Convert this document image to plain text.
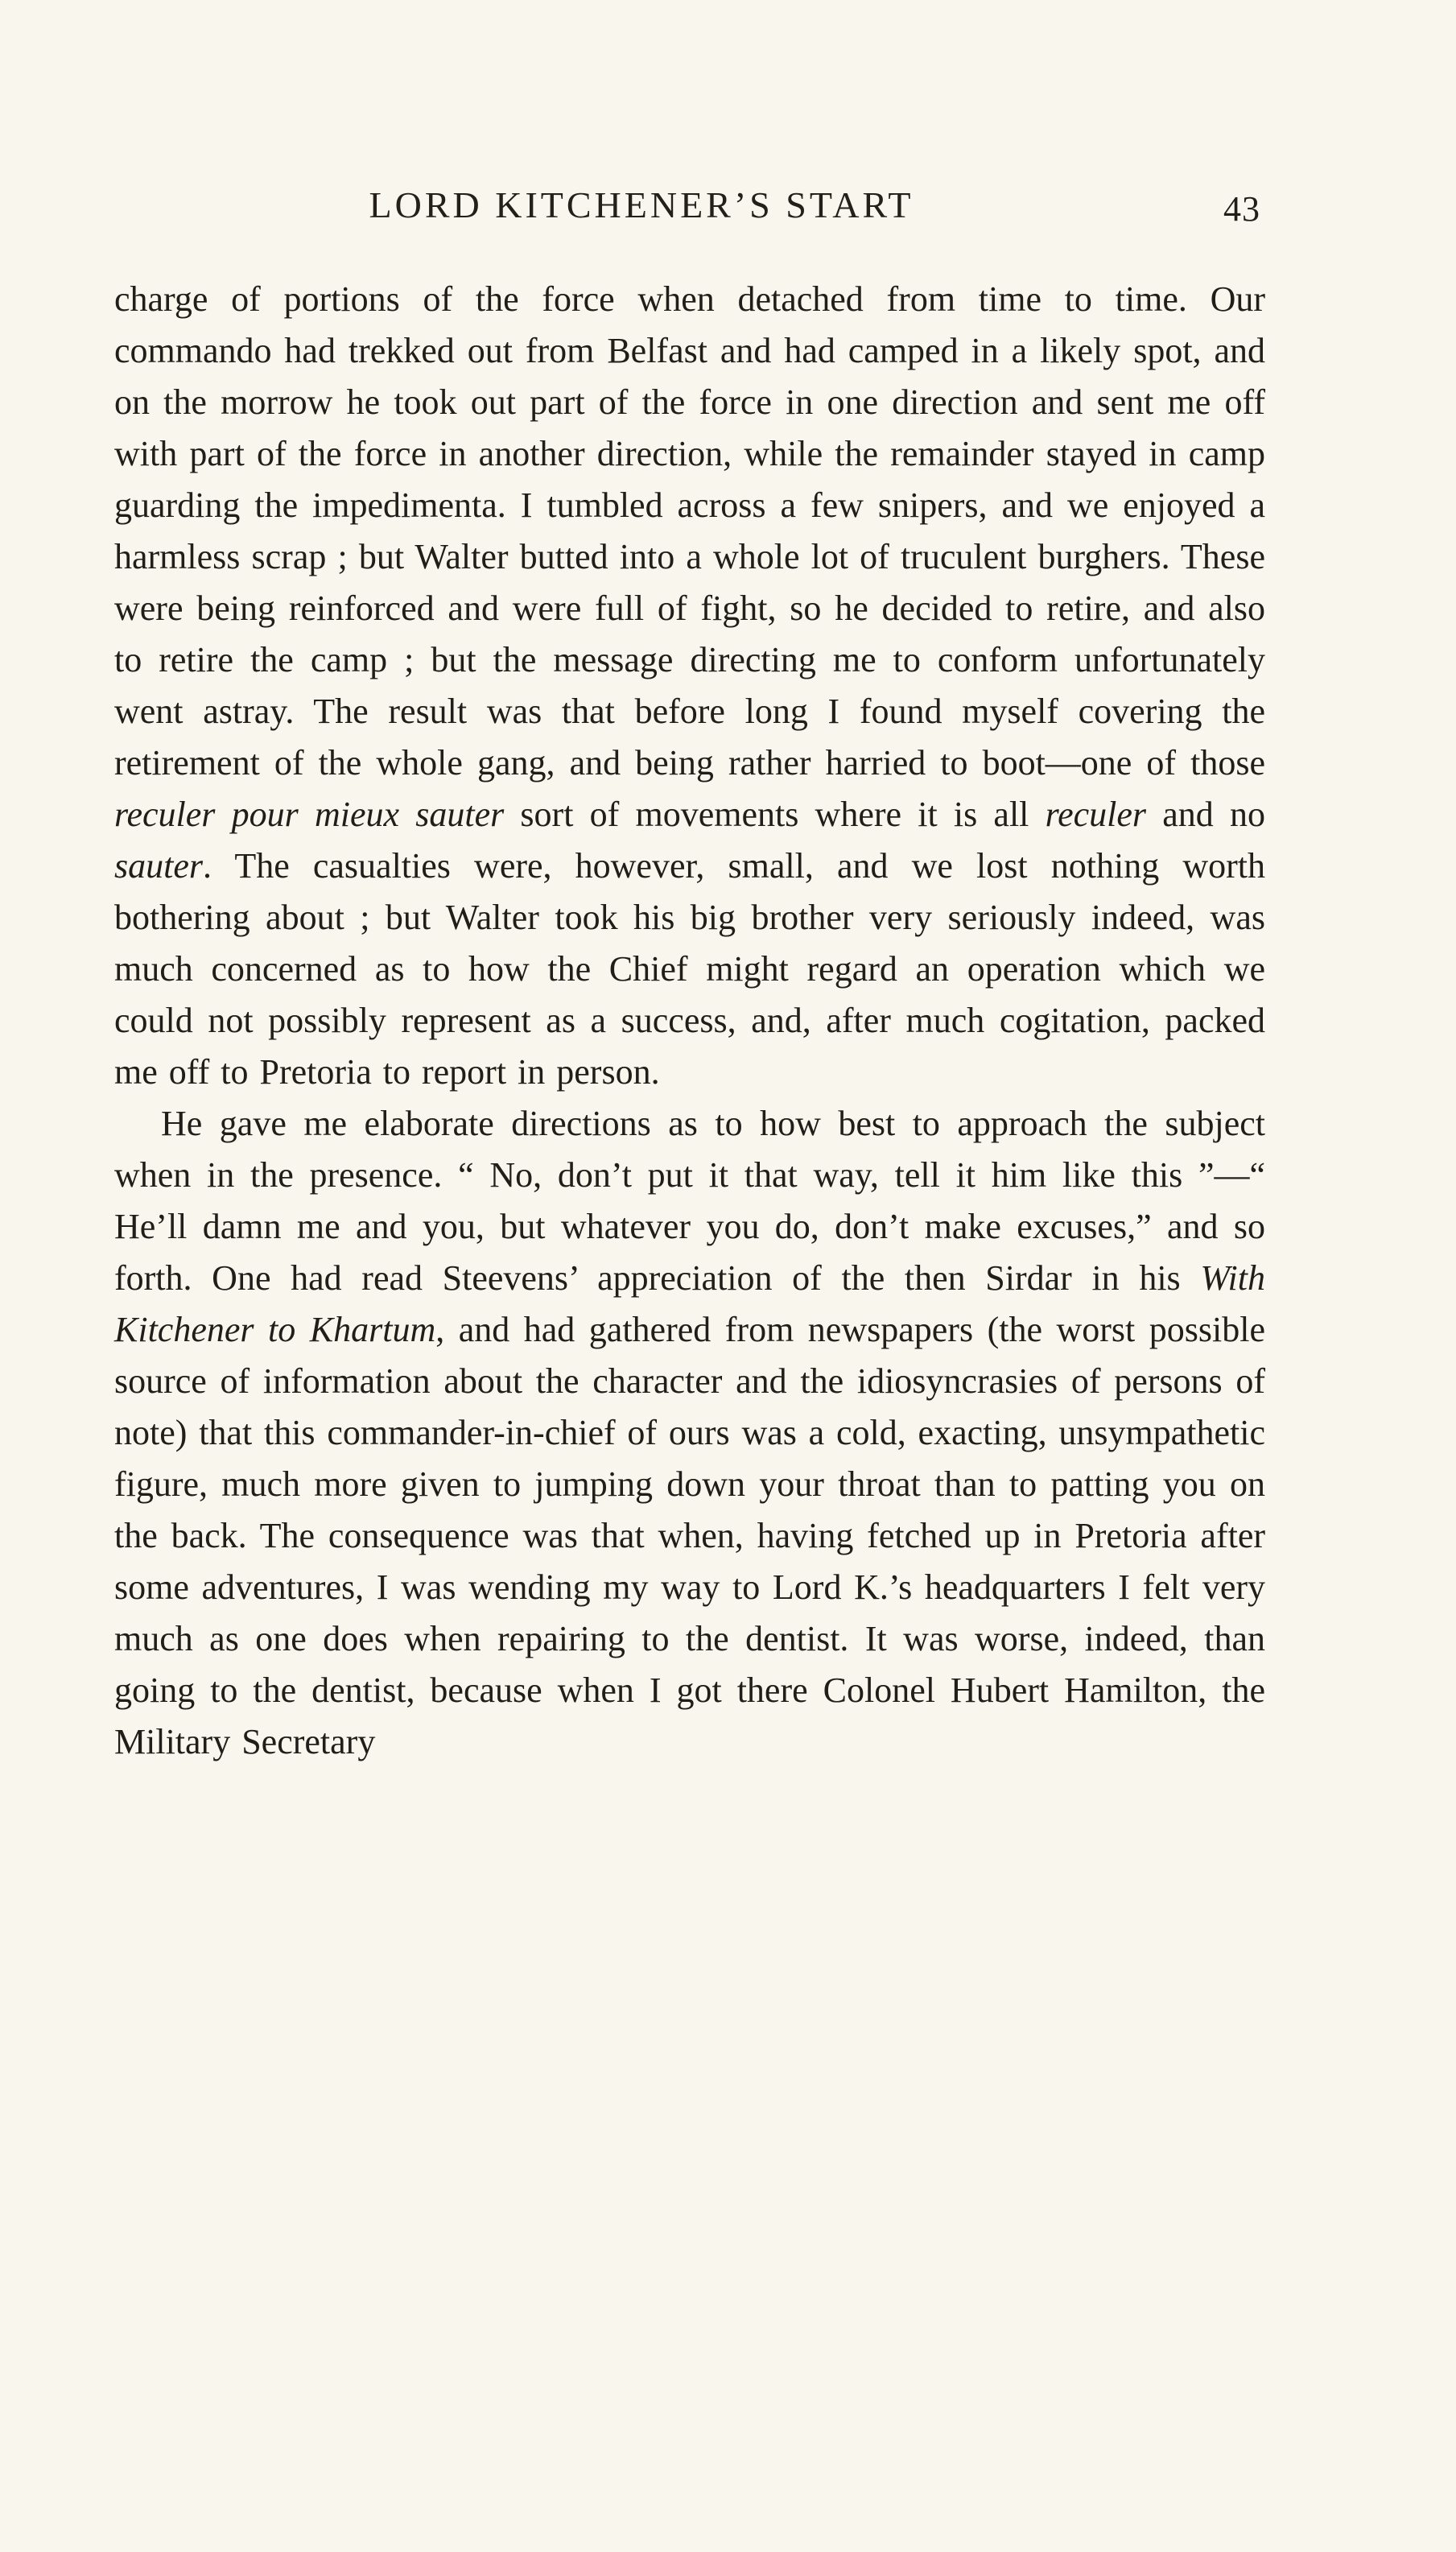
LORD KITCHENER’S START	43

charge of portions of the force when detached from time to time. Our commando had trekked out from Belfast and had camped in a likely spot, and on the morrow he took out part of the force in one direction and sent me off with part of the force in another direction, while the remainder stayed in camp guarding the impedimenta. I tumbled across a few snipers, and we enjoyed a harmless scrap ; but Walter butted into a whole lot of truculent burghers. These were being reinforced and were full of fight, so he decided to retire, and also to retire the camp ; but the message directing me to conform unfortunately went astray. The result was that before long I found myself covering the retirement of the whole gang, and being rather harried to boot—one of those reculer pour mieux sauter sort of movements where it is all reculer and no sauter. The casualties were, however, small, and we lost nothing worth bothering about ; but Walter took his big brother very seriously indeed, was much concerned as to how the Chief might regard an operation which we could not possibly represent as a success, and, after much cogitation, packed me off to Pretoria to report in person.

He gave me elaborate directions as to how best to approach the subject when in the presence. “ No, don’t put it that way, tell it him like this ”—“ He’ll damn me and you, but whatever you do, don’t make excuses,” and so forth. One had read Steevens’ appreciation of the then Sirdar in his With Kitchener to Khartum, and had gathered from newspapers (the worst possible source of information about the character and the idiosyncrasies of persons of note) that this commander-in-chief of ours was a cold, exacting, unsympathetic figure, much more given to jumping down your throat than to patting you on the back. The consequence was that when, having fetched up in Pretoria after some adventures, I was wending my way to Lord K.’s headquarters I felt very much as one does when repairing to the dentist. It was worse, indeed, than going to the dentist, because when I got there Colonel Hubert Hamilton, the Military Secretary
